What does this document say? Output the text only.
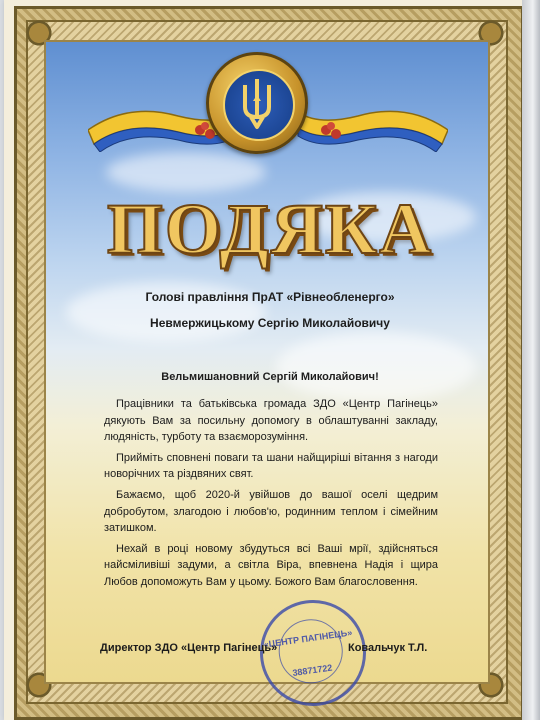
ПОДЯКА
Голові правління ПрАТ «Рівнеобленерго»
Невмержицькому Сергію Миколайовичу
Вельмишановний Сергій Миколайович!

Працівники та батьківська громада ЗДО «Центр Пагінець» дякують Вам за посильну допомогу в облаштуванні закладу, людяність, турботу та взаєморозуміння.

Прийміть сповнені поваги та шани найщиріші вітання з нагоди новорічних та різдвяних свят.

Бажаємо, щоб 2020-й увійшов до вашої оселі щедрим добробутом, злагодою і любов'ю, родинним теплом і сімейним затишком.

Нехай в році новому збудуться всі Ваші мрії, здійсняться найсміливіші задуми, а світла Віра, впевнена Надія і щира Любов допоможуть Вам у цьому. Божого Вам благословення.

«ЦЕНТР ПАГІНЕЦЬ»
38871722
Директор ЗДО «Центр Пагінець»	Ковальчук Т.Л.
